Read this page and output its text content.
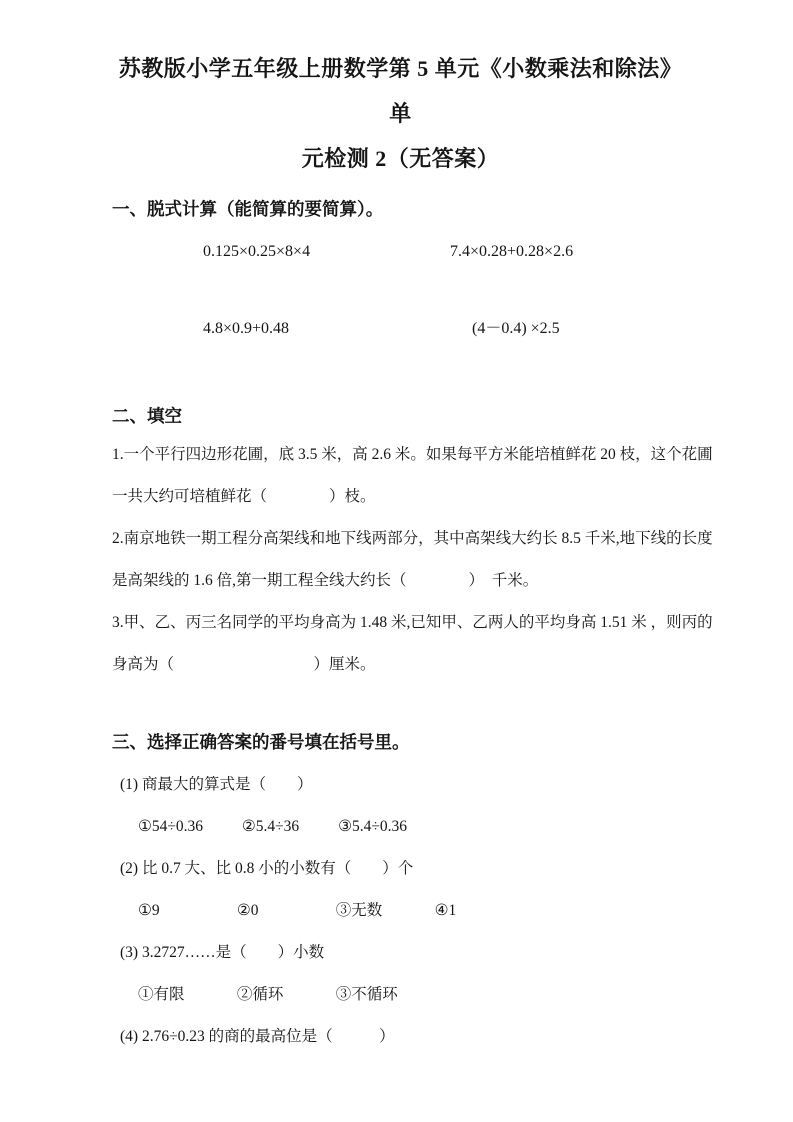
苏教版小学五年级上册数学第 5 单元《小数乘法和除法》单
元检测 2（无答案）
一、脱式计算（能简算的要简算）。
0.125×0.25×8×4	7.4×0.28+0.28×2.6
4.8×0.9+0.48	(4－0.4) ×2.5
二、填空
1.一个平行四边形花圃，底 3.5 米，高 2.6 米。如果每平方米能培植鲜花 20 枝，这个花圃
一共大约可培植鲜花（　　　　）枝。
2.南京地铁一期工程分高架线和地下线两部分，其中高架线大约长 8.5 千米,地下线的长度
是高架线的 1.6 倍,第一期工程全线大约长（　　　　）　千米。
3.甲、乙、丙三名同学的平均身高为 1.48 米,已知甲、乙两人的平均身高 1.51 米 ，则丙的
身高为（　　　　　　　　　）厘米。
三、选择正确答案的番号填在括号里。
(1) 商最大的算式是（　　）
①54÷0.36	②5.4÷36	③5.4÷0.36
(2) 比 0.7 大、比 0.8 小的小数有（　　）个
①9	②0	③无数	④1
(3) 3.2727……是（　　）小数
①有限	②循环	③不循环
(4) 2.76÷0.23 的商的最高位是（　　　）
